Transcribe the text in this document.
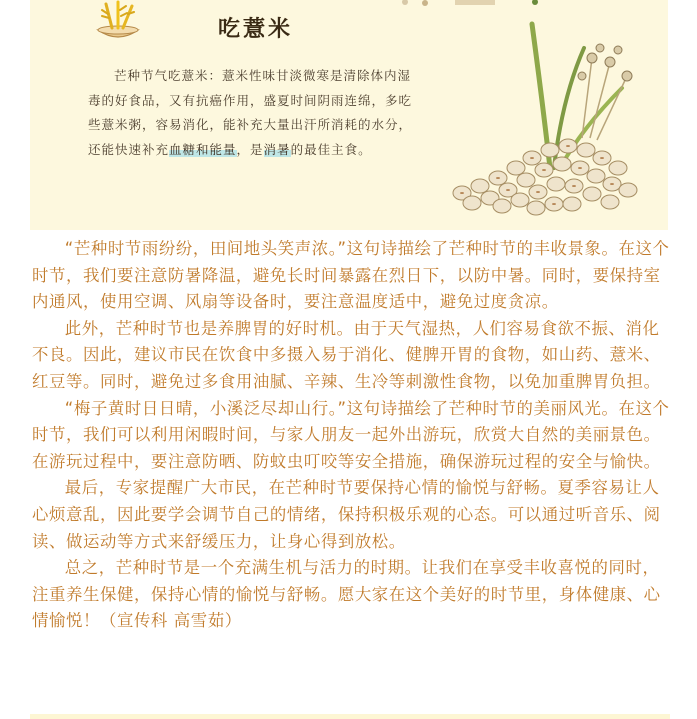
吃薏米
芒种节气吃薏米：薏米性味甘淡微寒是清除体内湿毒的好食品，又有抗癌作用，盛夏时间阴雨连绵，多吃些薏米粥，容易消化，能补充大量出汗所消耗的水分，还能快速补充血糖和能量，是消暑的最佳主食。

“芒种时节雨纷纷，田间地头笑声浓。”这句诗描绘了芒种时节的丰收景象。在这个时节，我们要注意防暑降温，避免长时间暴露在烈日下，以防中暑。同时，要保持室内通风，使用空调、风扇等设备时，要注意温度适中，避免过度贪凉。

此外，芒种时节也是养脾胃的好时机。由于天气湿热，人们容易食欲不振、消化不良。因此，建议市民在饮食中多摄入易于消化、健脾开胃的食物，如山药、薏米、红豆等。同时，避免过多食用油腻、辛辣、生冷等刺激性食物，以免加重脾胃负担。

“梅子黄时日日晴，小溪泛尽却山行。”这句诗描绘了芒种时节的美丽风光。在这个时节，我们可以利用闲暇时间，与家人朋友一起外出游玩，欣赏大自然的美丽景色。在游玩过程中，要注意防晒、防蚊虫叮咬等安全措施，确保游玩过程的安全与愉快。

最后，专家提醒广大市民，在芒种时节要保持心情的愉悦与舒畅。夏季容易让人心烦意乱，因此要学会调节自己的情绪，保持积极乐观的心态。可以通过听音乐、阅读、做运动等方式来舒缓压力，让身心得到放松。

总之，芒种时节是一个充满生机与活力的时期。让我们在享受丰收喜悦的同时，注重养生保健，保持心情的愉悦与舒畅。愿大家在这个美好的时节里，身体健康、心情愉悦！（宣传科 高雪茹）
